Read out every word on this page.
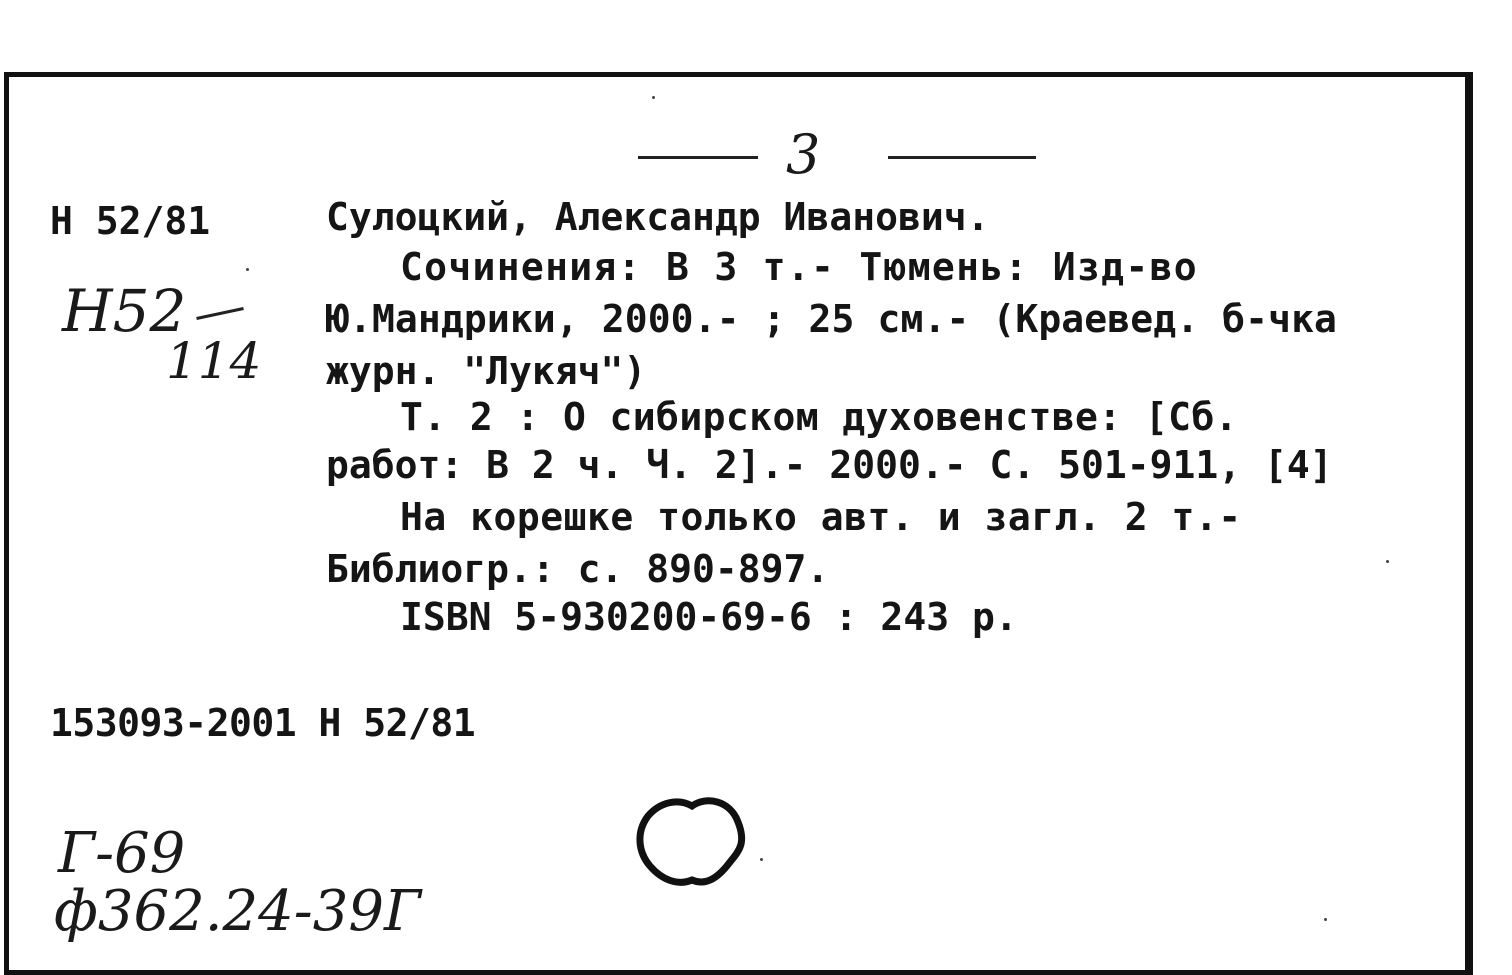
3
Н 52/81
Н52
114
Сулоцкий, Александр Иванович.
Сочинения: В 3 т.- Тюмень: Изд-во
Ю.Мандрики, 2000.- ; 25 см.- (Краевед. б-чка
журн. "Лукяч")
Т. 2 : О сибирском духовенстве: [Сб.
работ: В 2 ч. Ч. 2].- 2000.- С. 501-911, [4]
На корешке только авт. и загл. 2 т.-
Библиогр.: с. 890-897.
ISBN 5-930200-69-6 : 243 р.
153093-2001 Н 52/81
Г-69
ф362.24-39Г
